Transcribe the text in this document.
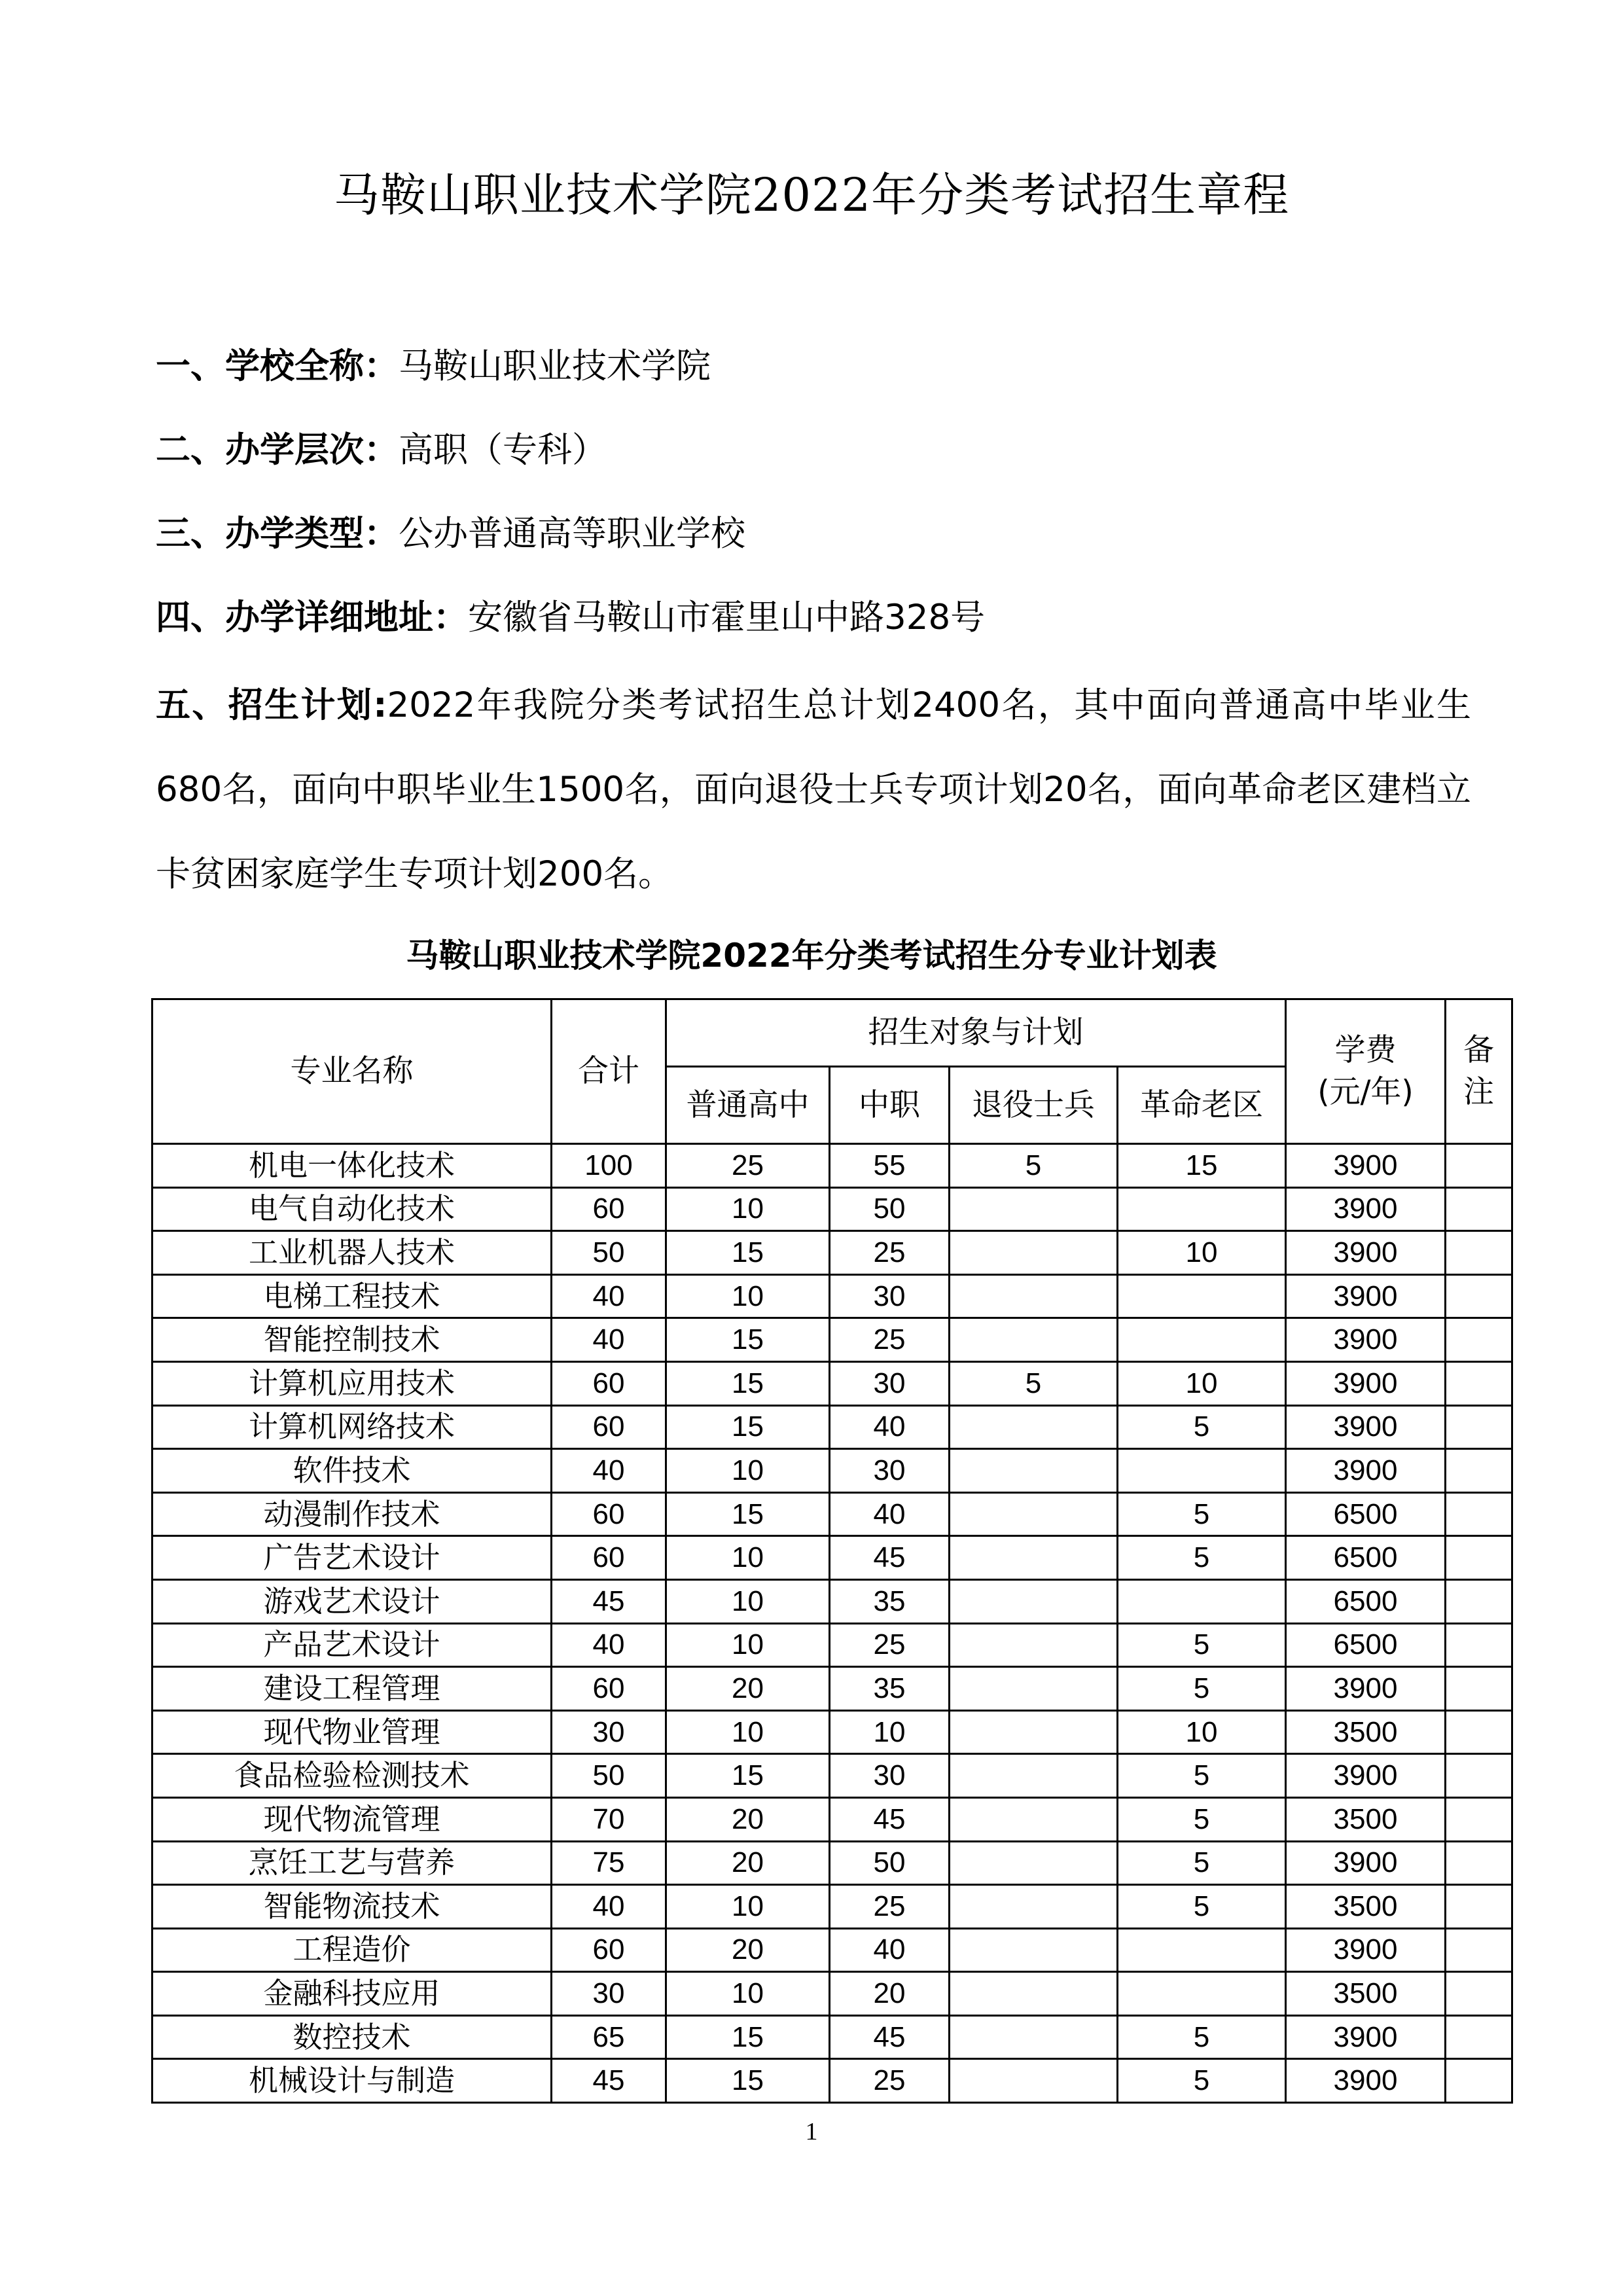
马鞍山职业技术学院2022年分类考试招生章程
一、学校全称：马鞍山职业技术学院
二、办学层次：高职（专科）
三、办学类型：公办普通高等职业学校
四、办学详细地址：安徽省马鞍山市霍里山中路328号
五、招生计划:2022年我院分类考试招生总计划2400名，其中面向普通高中毕业生680名，面向中职毕业生1500名，面向退役士兵专项计划20名，面向革命老区建档立卡贫困家庭学生专项计划200名。
马鞍山职业技术学院2022年分类考试招生分专业计划表
专业名称	合计	招生对象与计划				学费(元/年)	备注
		普通高中	中职	退役士兵	革命老区		
机电一体化技术	100	25	55	5	15	3900	
电气自动化技术	60	10	50			3900	
工业机器人技术	50	15	25		10	3900	
电梯工程技术	40	10	30			3900	
智能控制技术	40	15	25			3900	
计算机应用技术	60	15	30	5	10	3900	
计算机网络技术	60	15	40		5	3900	
软件技术	40	10	30			3900	
动漫制作技术	60	15	40		5	6500	
广告艺术设计	60	10	45		5	6500	
游戏艺术设计	45	10	35			6500	
产品艺术设计	40	10	25		5	6500	
建设工程管理	60	20	35		5	3900	
现代物业管理	30	10	10		10	3500	
食品检验检测技术	50	15	30		5	3900	
现代物流管理	70	20	45		5	3500	
烹饪工艺与营养	75	20	50		5	3900	
智能物流技术	40	10	25		5	3500	
工程造价	60	20	40			3900	
金融科技应用	30	10	20			3500	
数控技术	65	15	45		5	3900	
机械设计与制造	45	15	25		5	3900	
1
